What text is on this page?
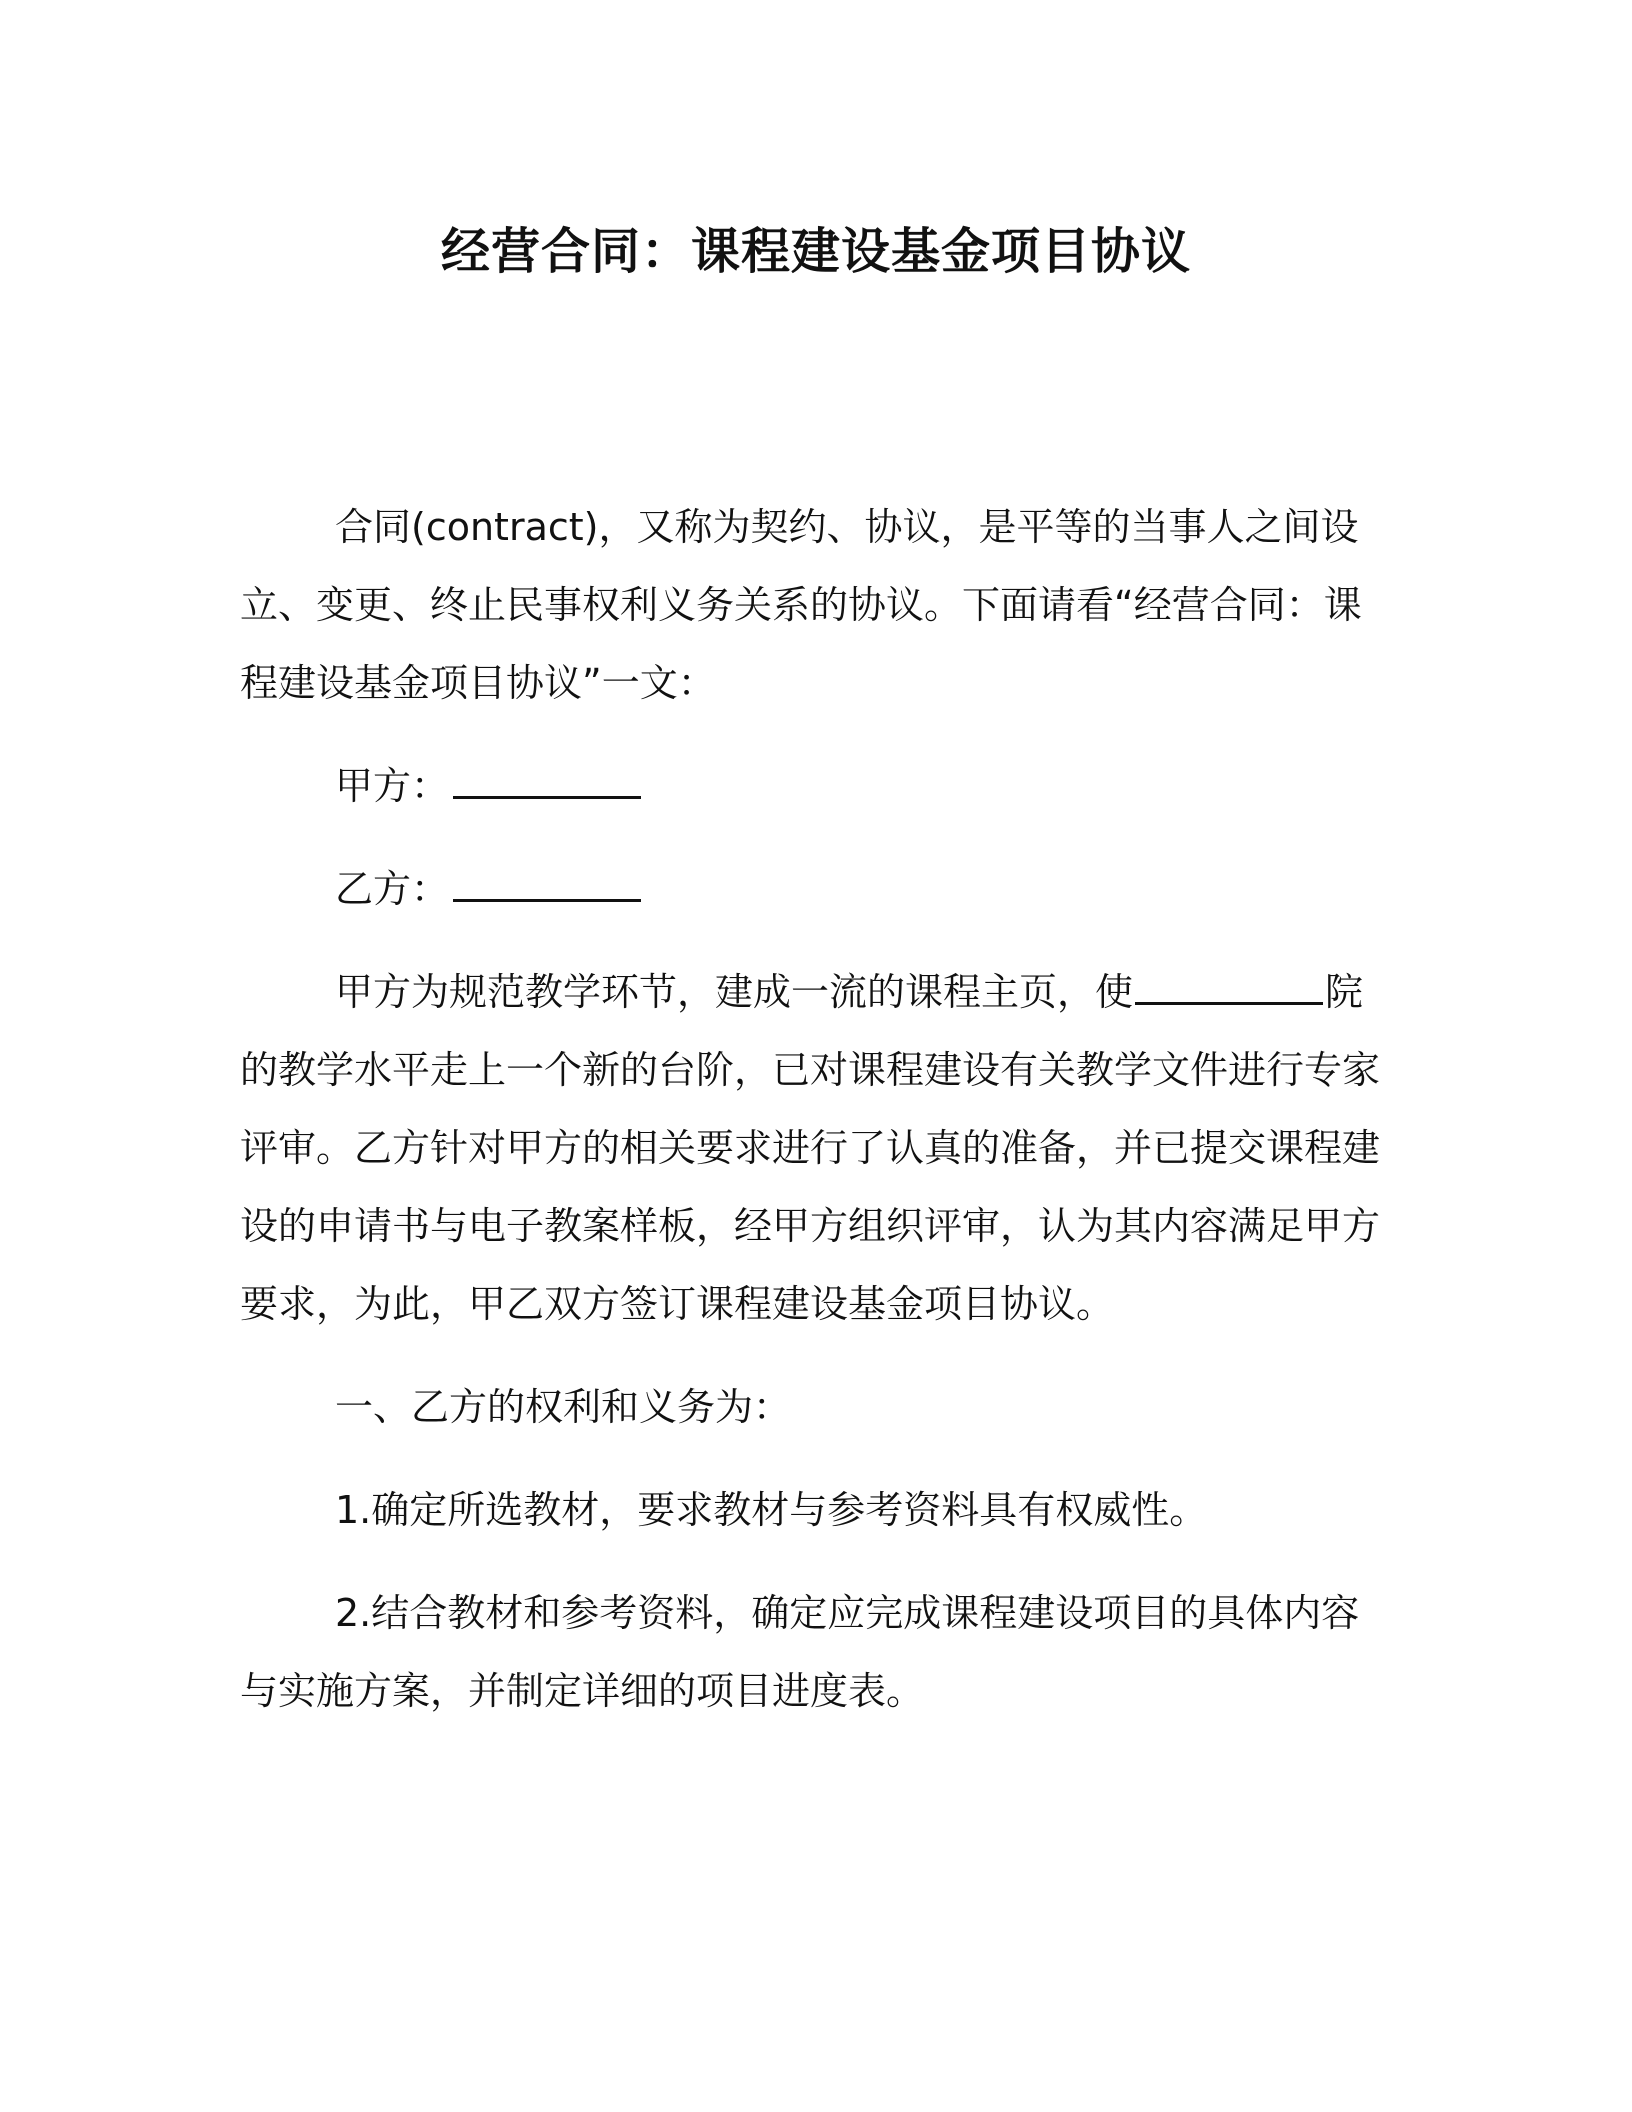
经营合同：课程建设基金项目协议

合同(contract)，又称为契约、协议，是平等的当事人之间设立、变更、终止民事权利义务关系的协议。下面请看“经营合同：课程建设基金项目协议”一文：

甲方：

乙方：

甲方为规范教学环节，建成一流的课程主页，使	院的教学水平走上一个新的台阶，已对课程建设有关教学文件进行专家评审。乙方针对甲方的相关要求进行了认真的准备，并已提交课程建设的申请书与电子教案样板，经甲方组织评审，认为其内容满足甲方要求，为此，甲乙双方签订课程建设基金项目协议。

一、乙方的权利和义务为：

1.确定所选教材，要求教材与参考资料具有权威性。

2.结合教材和参考资料，确定应完成课程建设项目的具体内容与实施方案，并制定详细的项目进度表。
